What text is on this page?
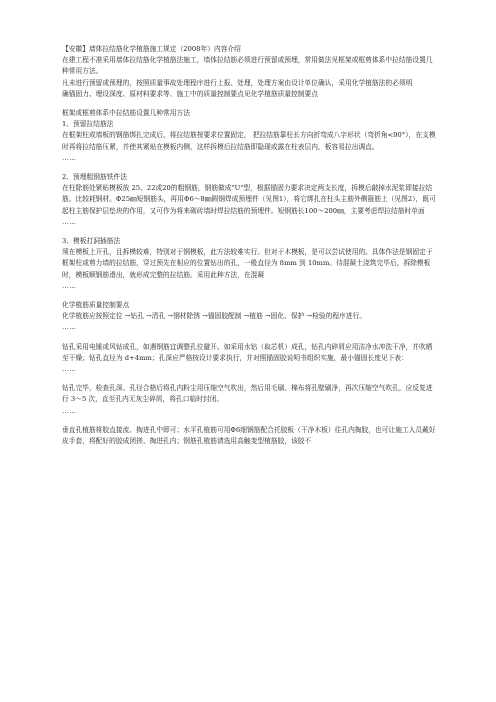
【安徽】墙体拉结筋化学植筋施工规定（2008年）内容介绍

在建工程不准采用墙体拉结筋化学植筋法施工，墙体拉结筋必须进行预留或预埋，常用做法见框架或框剪体系中拉结筋设置几种常用方法。

凡未进行预留或预埋的，按照质量事故处理程序进行上报、处理，处理方案由设计单位确认，采用化学植筋法的必须明

确锚固力、埋设深度、原材料要求等、施工中的质量控制要点见化学植筋质量控制要点

框架或框剪体系中拉结筋设置几种常用方法

1、预留拉结筋法

在框架柱或墙板的钢筋绑扎完成后，将拉结筋按要求位置固定， 把拉结筋靠柱长方向折弯成八字形状（弯折角<90°），在支模时再将拉结筋压紧，并使其紧贴在模板内侧，这样拆模后拉结筋即隐现或露在柱表层内，板容易拉出调直。

……

2、预埋粗钢筋铁件法

在柱除筋处紧贴模板放 25、22或20的粗钢筋，钢筋做成"U"型，根据锚固力要求决定两支长度，拆模后敲掉水泥浆即接拉结筋。比较耗钢材。Φ25㎜短钢筋头，再用Φ6～8㎜圆钢焊成预埋件（见图1），将它绑扎在柱头主筋外侧箍筋上（见图2），既可起柱主筋保护层垫块的作用，又可作为将来砌砖墙时焊拉结筋的预埋件。短钢筋长100～200㎜，主要考虑焊拉结筋时单面

……

3、模板打洞插筋法

须在模板上开孔，且拆模较难，特别对于钢模板，此方法较难实行。但对于木模板，是可以尝试使用的。具体作法是钢固定于框架柱或剪力墙的拉结筋，穿过预先在相应的位置钻出的孔，一般直径为 8mm 到 10mm。待混凝土浇筑完毕后，拆除模板时，模板顺钢筋滑出，就形成完整的拉结筋。采用此种方法，在混凝

……

化学植筋质量控制要点

化学植筋应按照定位 →钻孔 →清孔 →钢材除锈 →锚固胶配制 →植筋 →固化、保护 →检验的程序进行。

……

钻孔采用电锤或风钻成孔，如遇钢筋宜调整孔位避开。如采用水钻（取芯机）成孔，钻孔内碎屑应用洁净水冲洗干净，并吹晒至干燥；钻孔直径为 d+4mm；孔深应严格按设计要求执行，并对照锚固胶说明书组织实施，最小锚固长度见下表：

……

钻孔完毕，检查孔深、孔径合格后将孔内粉尘用压缩空气吹出，然后用毛刷、棉布将孔壁刷净，再次压缩空气吹孔，应反复进行 3～5 次，直至孔内无灰尘碎屑，将孔口临时封闭。

……

垂直孔植筋将胶直接流、掏进孔中即可；水平孔植筋可用Φ6细钢筋配合托胶板（干净木板）往孔内掏胶，也可让施工人员戴好皮手套，将配好的胶成团搓、掏进孔内；钢筋孔植筋请选用高触变型植筋胶，该胶不
